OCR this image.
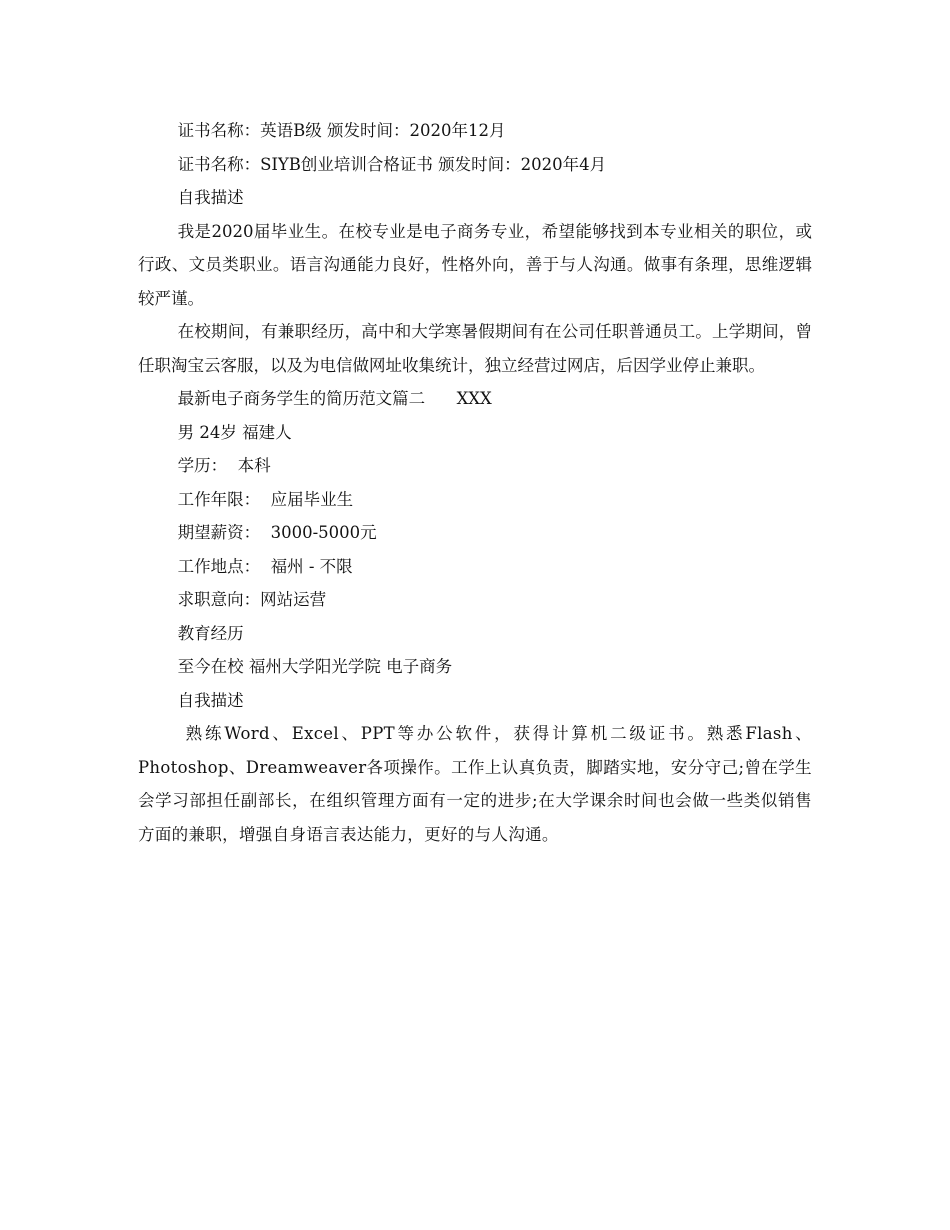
证书名称：英语B级 颁发时间：2020年12月

证书名称：SIYB创业培训合格证书 颁发时间：2020年4月

自我描述

我是2020届毕业生。在校专业是电子商务专业，希望能够找到本专业相关的职位，或行政、文员类职业。语言沟通能力良好，性格外向，善于与人沟通。做事有条理，思维逻辑较严谨。

在校期间，有兼职经历，高中和大学寒暑假期间有在公司任职普通员工。上学期间，曾任职淘宝云客服，以及为电信做网址收集统计，独立经营过网店，后因学业停止兼职。

最新电子商务学生的简历范文篇二      XXX

男 24岁 福建人

学历：  本科

工作年限：  应届毕业生

期望薪资：  3000-5000元

工作地点：  福州 - 不限

求职意向：网站运营

教育经历

至今在校 福州大学阳光学院 电子商务

自我描述

熟练Word、Excel、PPT等办公软件，获得计算机二级证书。熟悉Flash、Photoshop、Dreamweaver各项操作。工作上认真负责，脚踏实地，安分守己;曾在学生会学习部担任副部长，在组织管理方面有一定的进步;在大学课余时间也会做一些类似销售方面的兼职，增强自身语言表达能力，更好的与人沟通。
